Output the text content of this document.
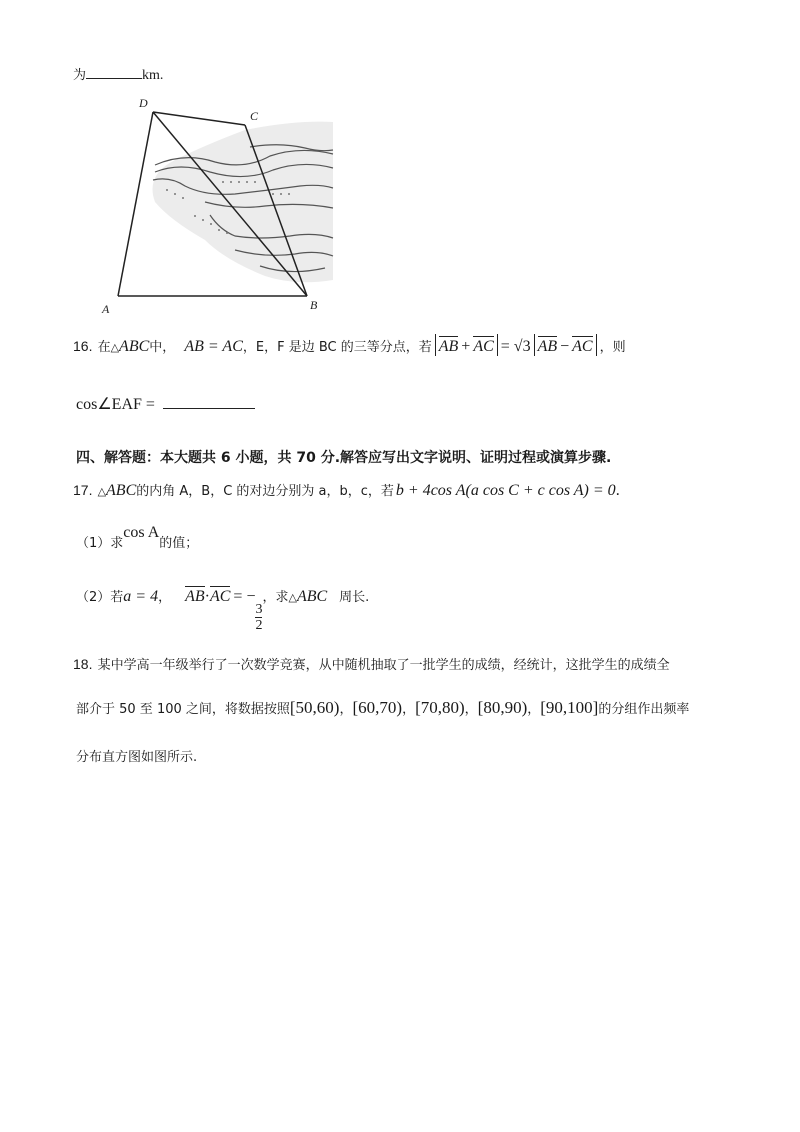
为	km.
D
C
A	B
16. 在△ABC中， AB = AC，E，F 是边 BC 的三等分点，若 AB + AC = √3 AB − AC ，则
cos∠EAF =
四、解答题：本大题共 6 小题，共 70 分.解答应写出文字说明、证明过程或演算步骤.
17. △ABC的内角 A，B，C 的对边分别为 a，b，c，若 b + 4cos A(a cos C + c cos A) = 0.
（1）求cos A的值；
（2）若a = 4， AB·AC = −
$\frac{3}{2}$
，求△ABC 周长.
18. 某中学高一年级举行了一次数学竞赛，从中随机抽取了一批学生的成绩，经统计，这批学生的成绩全
部介于 50 至 100 之间，将数据按照[50,60)，[60,70)，[70,80)，[80,90)，[90,100]的分组作出频率
分布直方图如图所示.
